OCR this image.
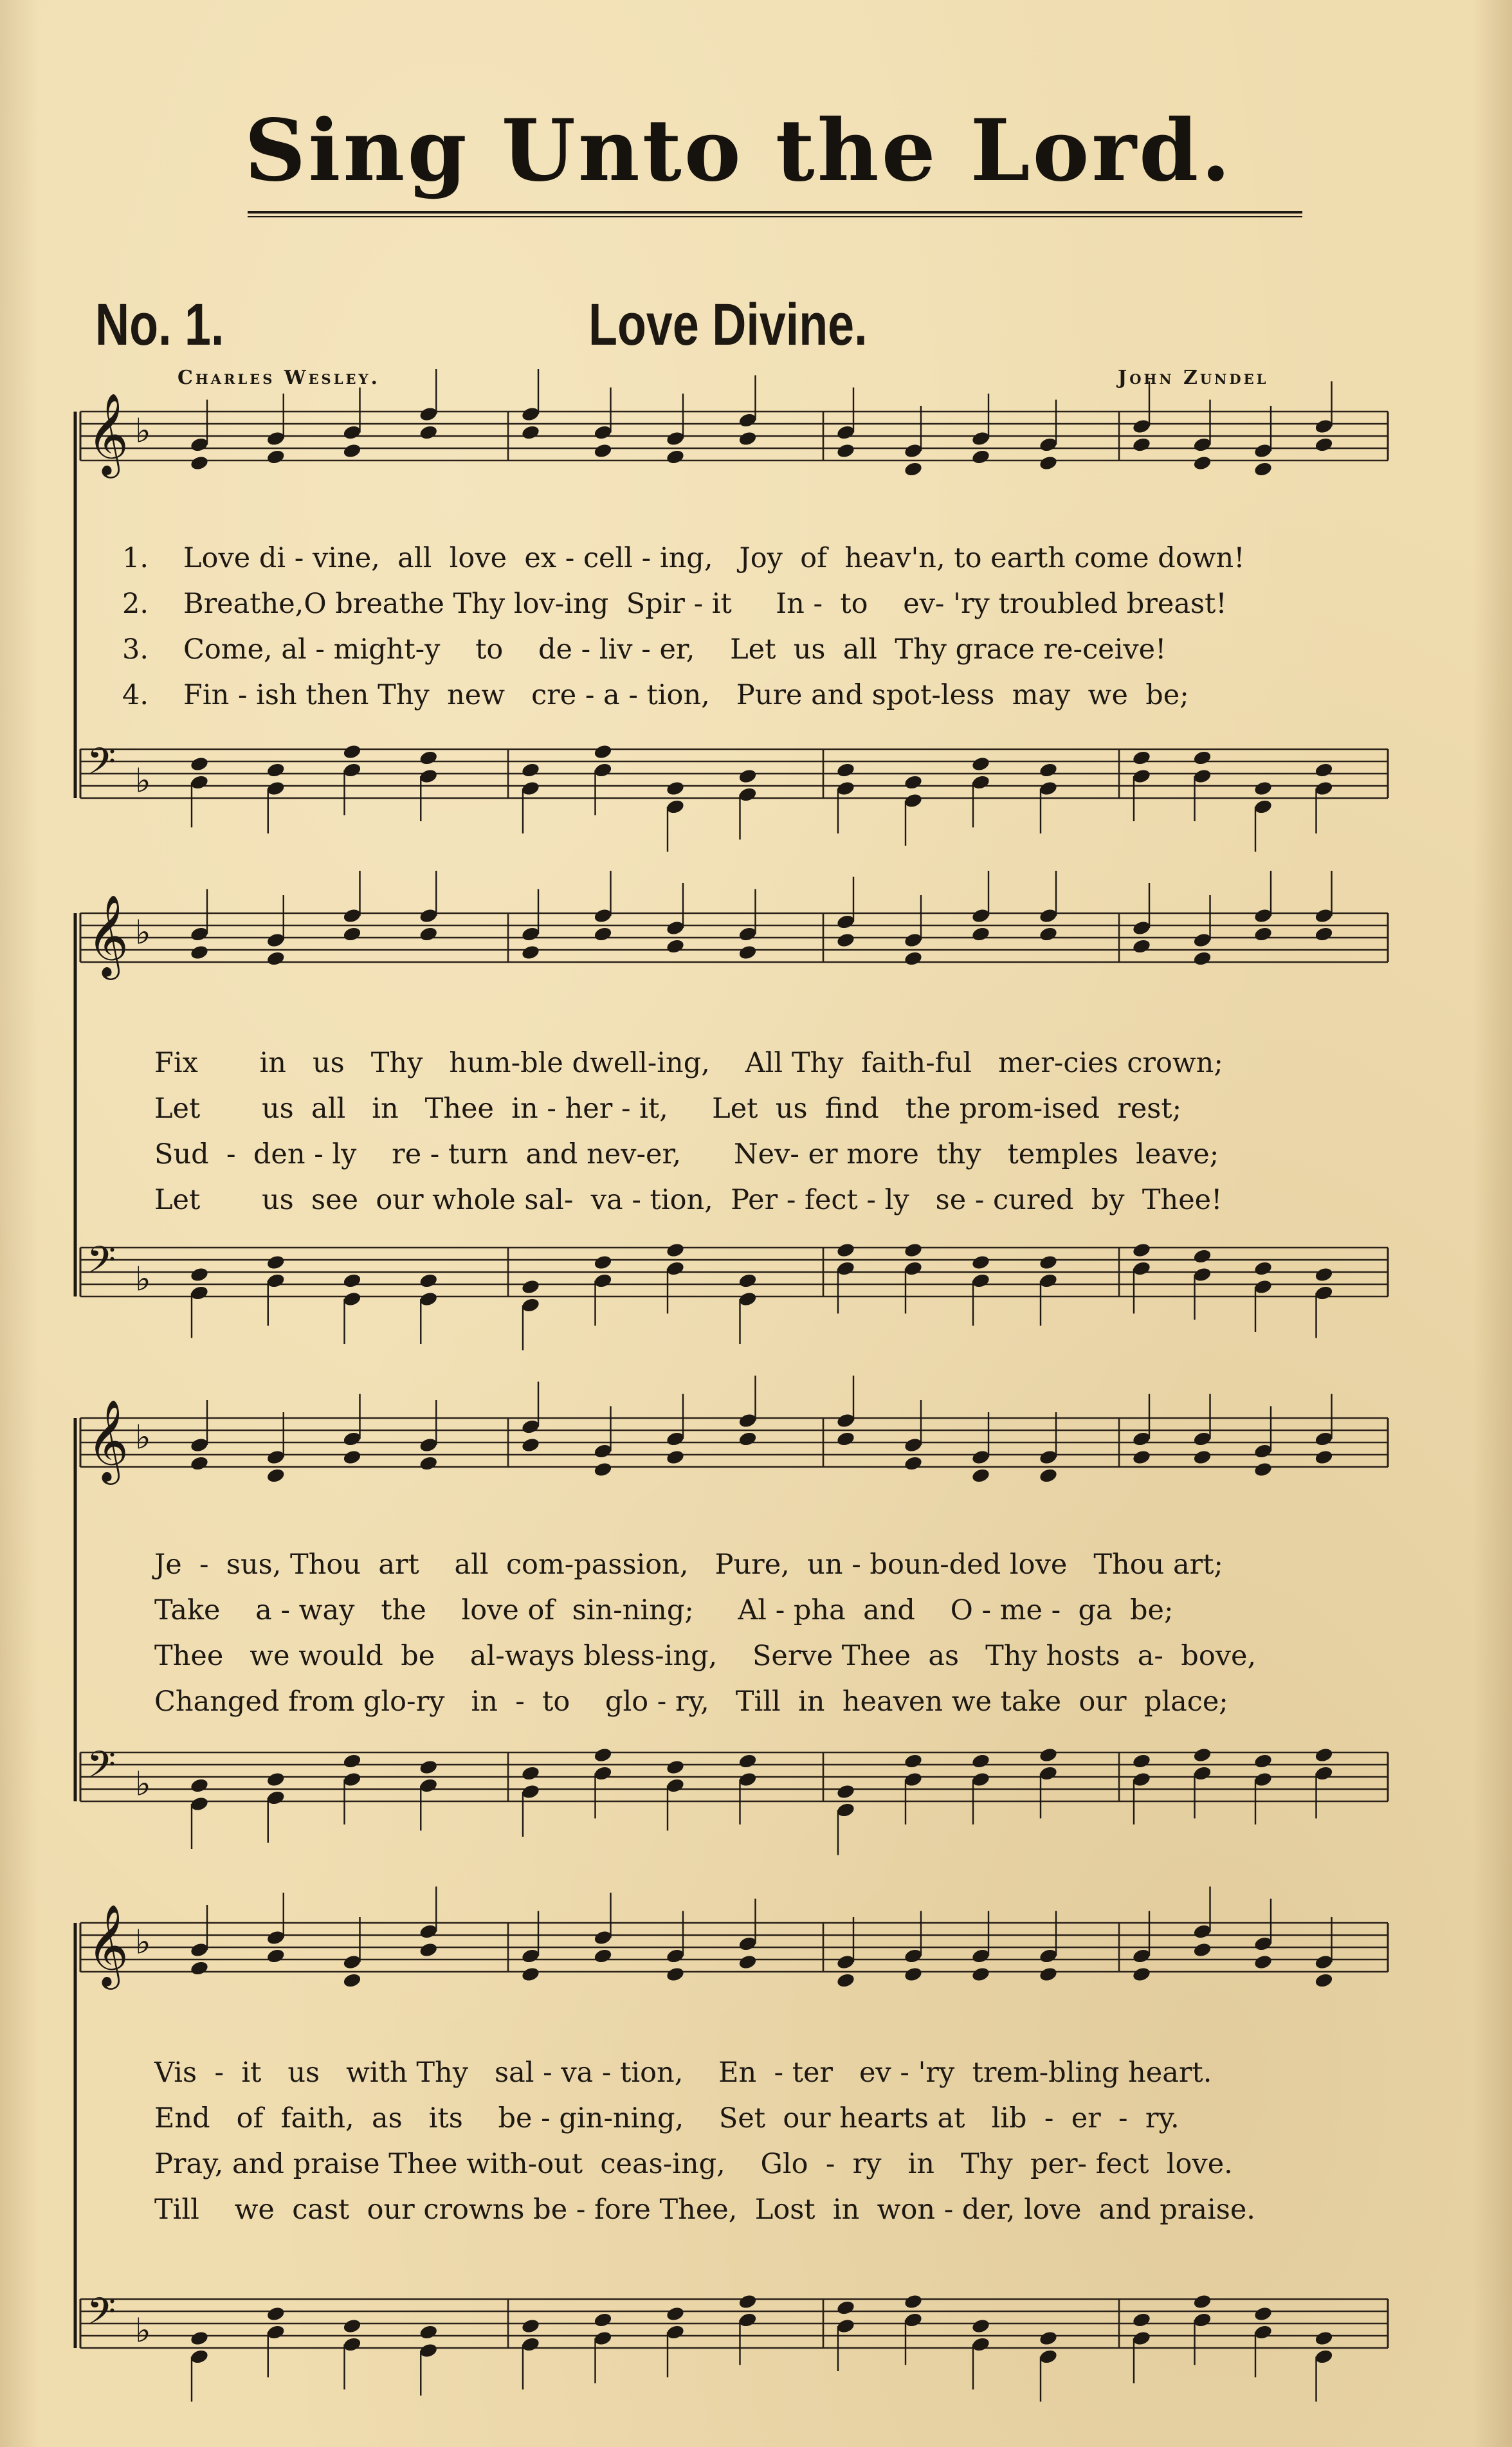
Sing Unto the Lord.
No. 1.	Love Divine.
Charles Wesley.	John Zundel
𝄞 ♭
𝄢 ♭
𝄞 ♭
𝄢 ♭
𝄞 ♭
𝄢 ♭
𝄞 ♭
𝄢 ♭
1.	Love di - vine,  all  love  ex - cell - ing,   Joy  of  heav'n, to earth come down!
2.	Breathe,O breathe Thy lov-ing  Spir - it     In -  to    ev- 'ry troubled breast!
3.	Come, al - might-y    to    de - liv - er,    Let  us  all  Thy grace re-ceive!
4.	Fin - ish then Thy  new   cre - a - tion,   Pure and spot-less  may  we  be;
Fix       in   us   Thy   hum-ble dwell-ing,    All Thy  faith-ful   mer-cies crown;
Let       us  all   in   Thee  in - her - it,     Let  us  find   the prom-ised  rest;
Sud  -  den - ly    re - turn  and nev-er,      Nev- er more  thy   temples  leave;
Let       us  see  our whole sal-  va - tion,  Per - fect - ly   se - cured  by  Thee!
Je  -  sus, Thou  art    all  com-passion,   Pure,  un - boun-ded love   Thou art;
Take    a - way   the    love of  sin-ning;     Al - pha  and    O - me -  ga  be;
Thee   we would  be    al-ways bless-ing,    Serve Thee  as   Thy hosts  a-  bove,
Changed from glo-ry   in  -  to    glo - ry,   Till  in  heaven we take  our  place;
Vis  -  it   us   with Thy   sal - va - tion,    En  - ter   ev - 'ry  trem-bling heart.
End   of  faith,  as   its    be - gin-ning,    Set  our hearts at   lib  -  er  -  ry.
Pray, and praise Thee with-out  ceas-ing,    Glo  -  ry   in   Thy  per- fect  love.
Till    we  cast  our crowns be - fore Thee,  Lost  in  won - der, love  and praise.
